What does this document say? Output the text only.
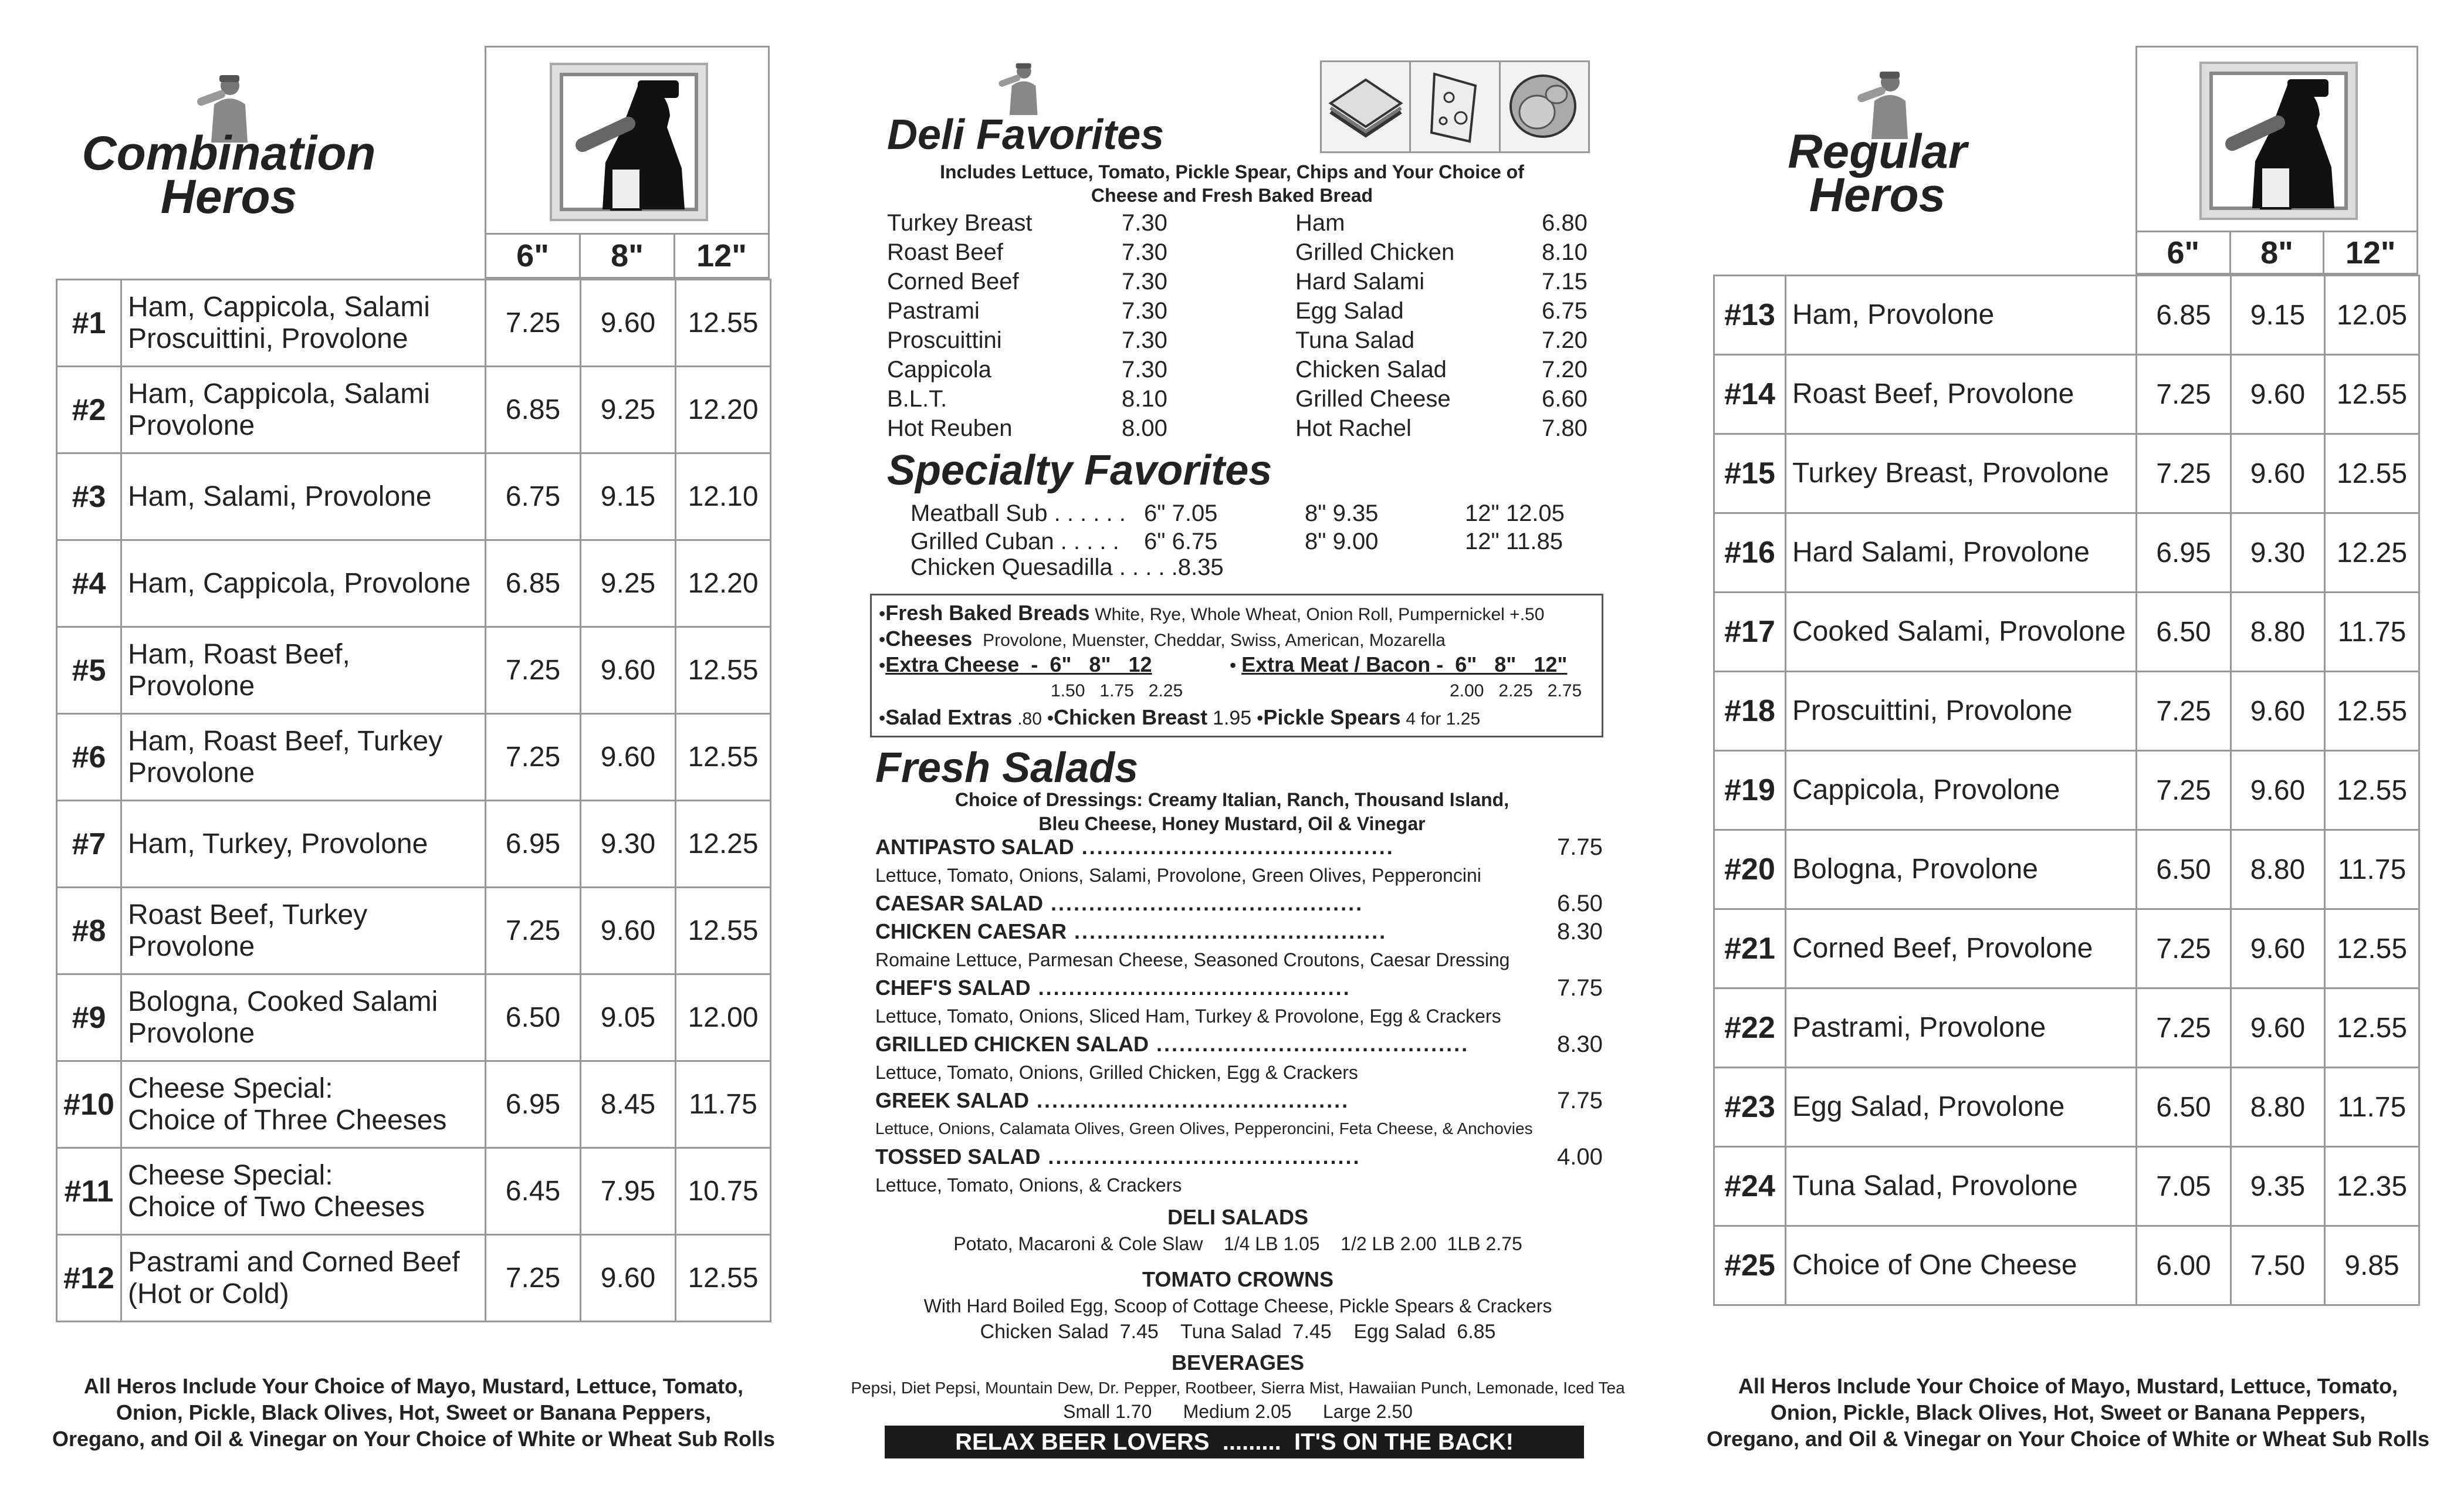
Combination
Heros
6"	8"	12"
#1	Ham, Cappicola, Salami
Proscuittini, Provolone	7.25	9.60	12.55
#2	Ham, Cappicola, Salami
Provolone	6.85	9.25	12.20
#3	Ham, Salami, Provolone	6.75	9.15	12.10
#4	Ham, Cappicola, Provolone	6.85	9.25	12.20
#5	Ham, Roast Beef, Provolone	7.25	9.60	12.55
#6	Ham, Roast Beef, Turkey
Provolone	7.25	9.60	12.55
#7	Ham, Turkey, Provolone	6.95	9.30	12.25
#8	Roast Beef, Turkey
Provolone	7.25	9.60	12.55
#9	Bologna, Cooked Salami
Provolone	6.50	9.05	12.00
#10	Cheese Special:
Choice of Three Cheeses	6.95	8.45	11.75
#11	Cheese Special:
Choice of Two Cheeses	6.45	7.95	10.75
#12	Pastrami and Corned Beef
(Hot or Cold)	7.25	9.60	12.55
All Heros Include Your Choice of Mayo, Mustard, Lettuce, Tomato,
Onion, Pickle, Black Olives, Hot, Sweet or Banana Peppers,
Oregano, and Oil & Vinegar on Your Choice of White or Wheat Sub Rolls
Regular
Heros
6"	8"	12"
#13	Ham, Provolone	6.85	9.15	12.05
#14	Roast Beef, Provolone	7.25	9.60	12.55
#15	Turkey Breast, Provolone	7.25	9.60	12.55
#16	Hard Salami, Provolone	6.95	9.30	12.25
#17	Cooked Salami, Provolone	6.50	8.80	11.75
#18	Proscuittini, Provolone	7.25	9.60	12.55
#19	Cappicola, Provolone	7.25	9.60	12.55
#20	Bologna, Provolone	6.50	8.80	11.75
#21	Corned Beef, Provolone	7.25	9.60	12.55
#22	Pastrami, Provolone	7.25	9.60	12.55
#23	Egg Salad, Provolone	6.50	8.80	11.75
#24	Tuna Salad, Provolone	7.05	9.35	12.35
#25	Choice of One Cheese	6.00	7.50	9.85
All Heros Include Your Choice of Mayo, Mustard, Lettuce, Tomato,
Onion, Pickle, Black Olives, Hot, Sweet or Banana Peppers,
Oregano, and Oil & Vinegar on Your Choice of White or Wheat Sub Rolls
Deli Favorites
Includes Lettuce, Tomato, Pickle Spear, Chips and Your Choice of
Cheese and Fresh Baked Bread
Turkey Breast	7.30
Roast Beef	7.30
Corned Beef	7.30
Pastrami	7.30
Proscuittini	7.30
Cappicola	7.30
B.L.T.	8.10
Hot Reuben	8.00
Ham	6.80
Grilled Chicken	8.10
Hard Salami	7.15
Egg Salad	6.75
Tuna Salad	7.20
Chicken Salad	7.20
Grilled Cheese	6.60
Hot Rachel	7.80
Specialty Favorites
Meatball Sub . . . . . . 6" 7.05	8" 9.35	12" 12.05
Grilled Cuban . . . . . 6" 6.75	8" 9.00	12" 11.85
Chicken Quesadilla . . . . .8.35
•Fresh Baked Breads White, Rye, Whole Wheat, Onion Roll, Pumpernickel +.50
•Cheeses Provolone, Muenster, Cheddar, Swiss, American, Mozarella
•Extra Cheese  -  6"   8"   12
1.50   1.75   2.25
• Extra Meat / Bacon -  6"   8"   12"
2.00   2.25   2.75
•Salad Extras .80 •Chicken Breast 1.95 •Pickle Spears 4 for 1.25
Fresh Salads
Choice of Dressings: Creamy Italian, Ranch, Thousand Island,
Bleu Cheese, Honey Mustard, Oil & Vinegar
ANTIPASTO SALAD .........................................	7.75
Lettuce, Tomato, Onions, Salami, Provolone, Green Olives, Pepperoncini
CAESAR SALAD .........................................	6.50
CHICKEN CAESAR .........................................	8.30
Romaine Lettuce, Parmesan Cheese, Seasoned Croutons, Caesar Dressing
CHEF'S SALAD .........................................	7.75
Lettuce, Tomato, Onions, Sliced Ham, Turkey & Provolone, Egg & Crackers
GRILLED CHICKEN SALAD .........................................	8.30
Lettuce, Tomato, Onions, Grilled Chicken, Egg & Crackers
GREEK SALAD .........................................	7.75
Lettuce, Onions, Calamata Olives, Green Olives, Pepperoncini, Feta Cheese, & Anchovies
TOSSED SALAD .........................................	4.00
Lettuce, Tomato, Onions, & Crackers
DELI SALADS
Potato, Macaroni & Cole Slaw    1/4 LB 1.05    1/2 LB 2.00  1LB 2.75
TOMATO CROWNS
With Hard Boiled Egg, Scoop of Cottage Cheese, Pickle Spears & Crackers
Chicken Salad  7.45    Tuna Salad  7.45    Egg Salad  6.85
BEVERAGES
Pepsi, Diet Pepsi, Mountain Dew, Dr. Pepper, Rootbeer, Sierra Mist, Hawaiian Punch, Lemonade, Iced Tea
Small 1.70      Medium 2.05      Large 2.50
RELAX BEER LOVERS  .........  IT'S ON THE BACK!
